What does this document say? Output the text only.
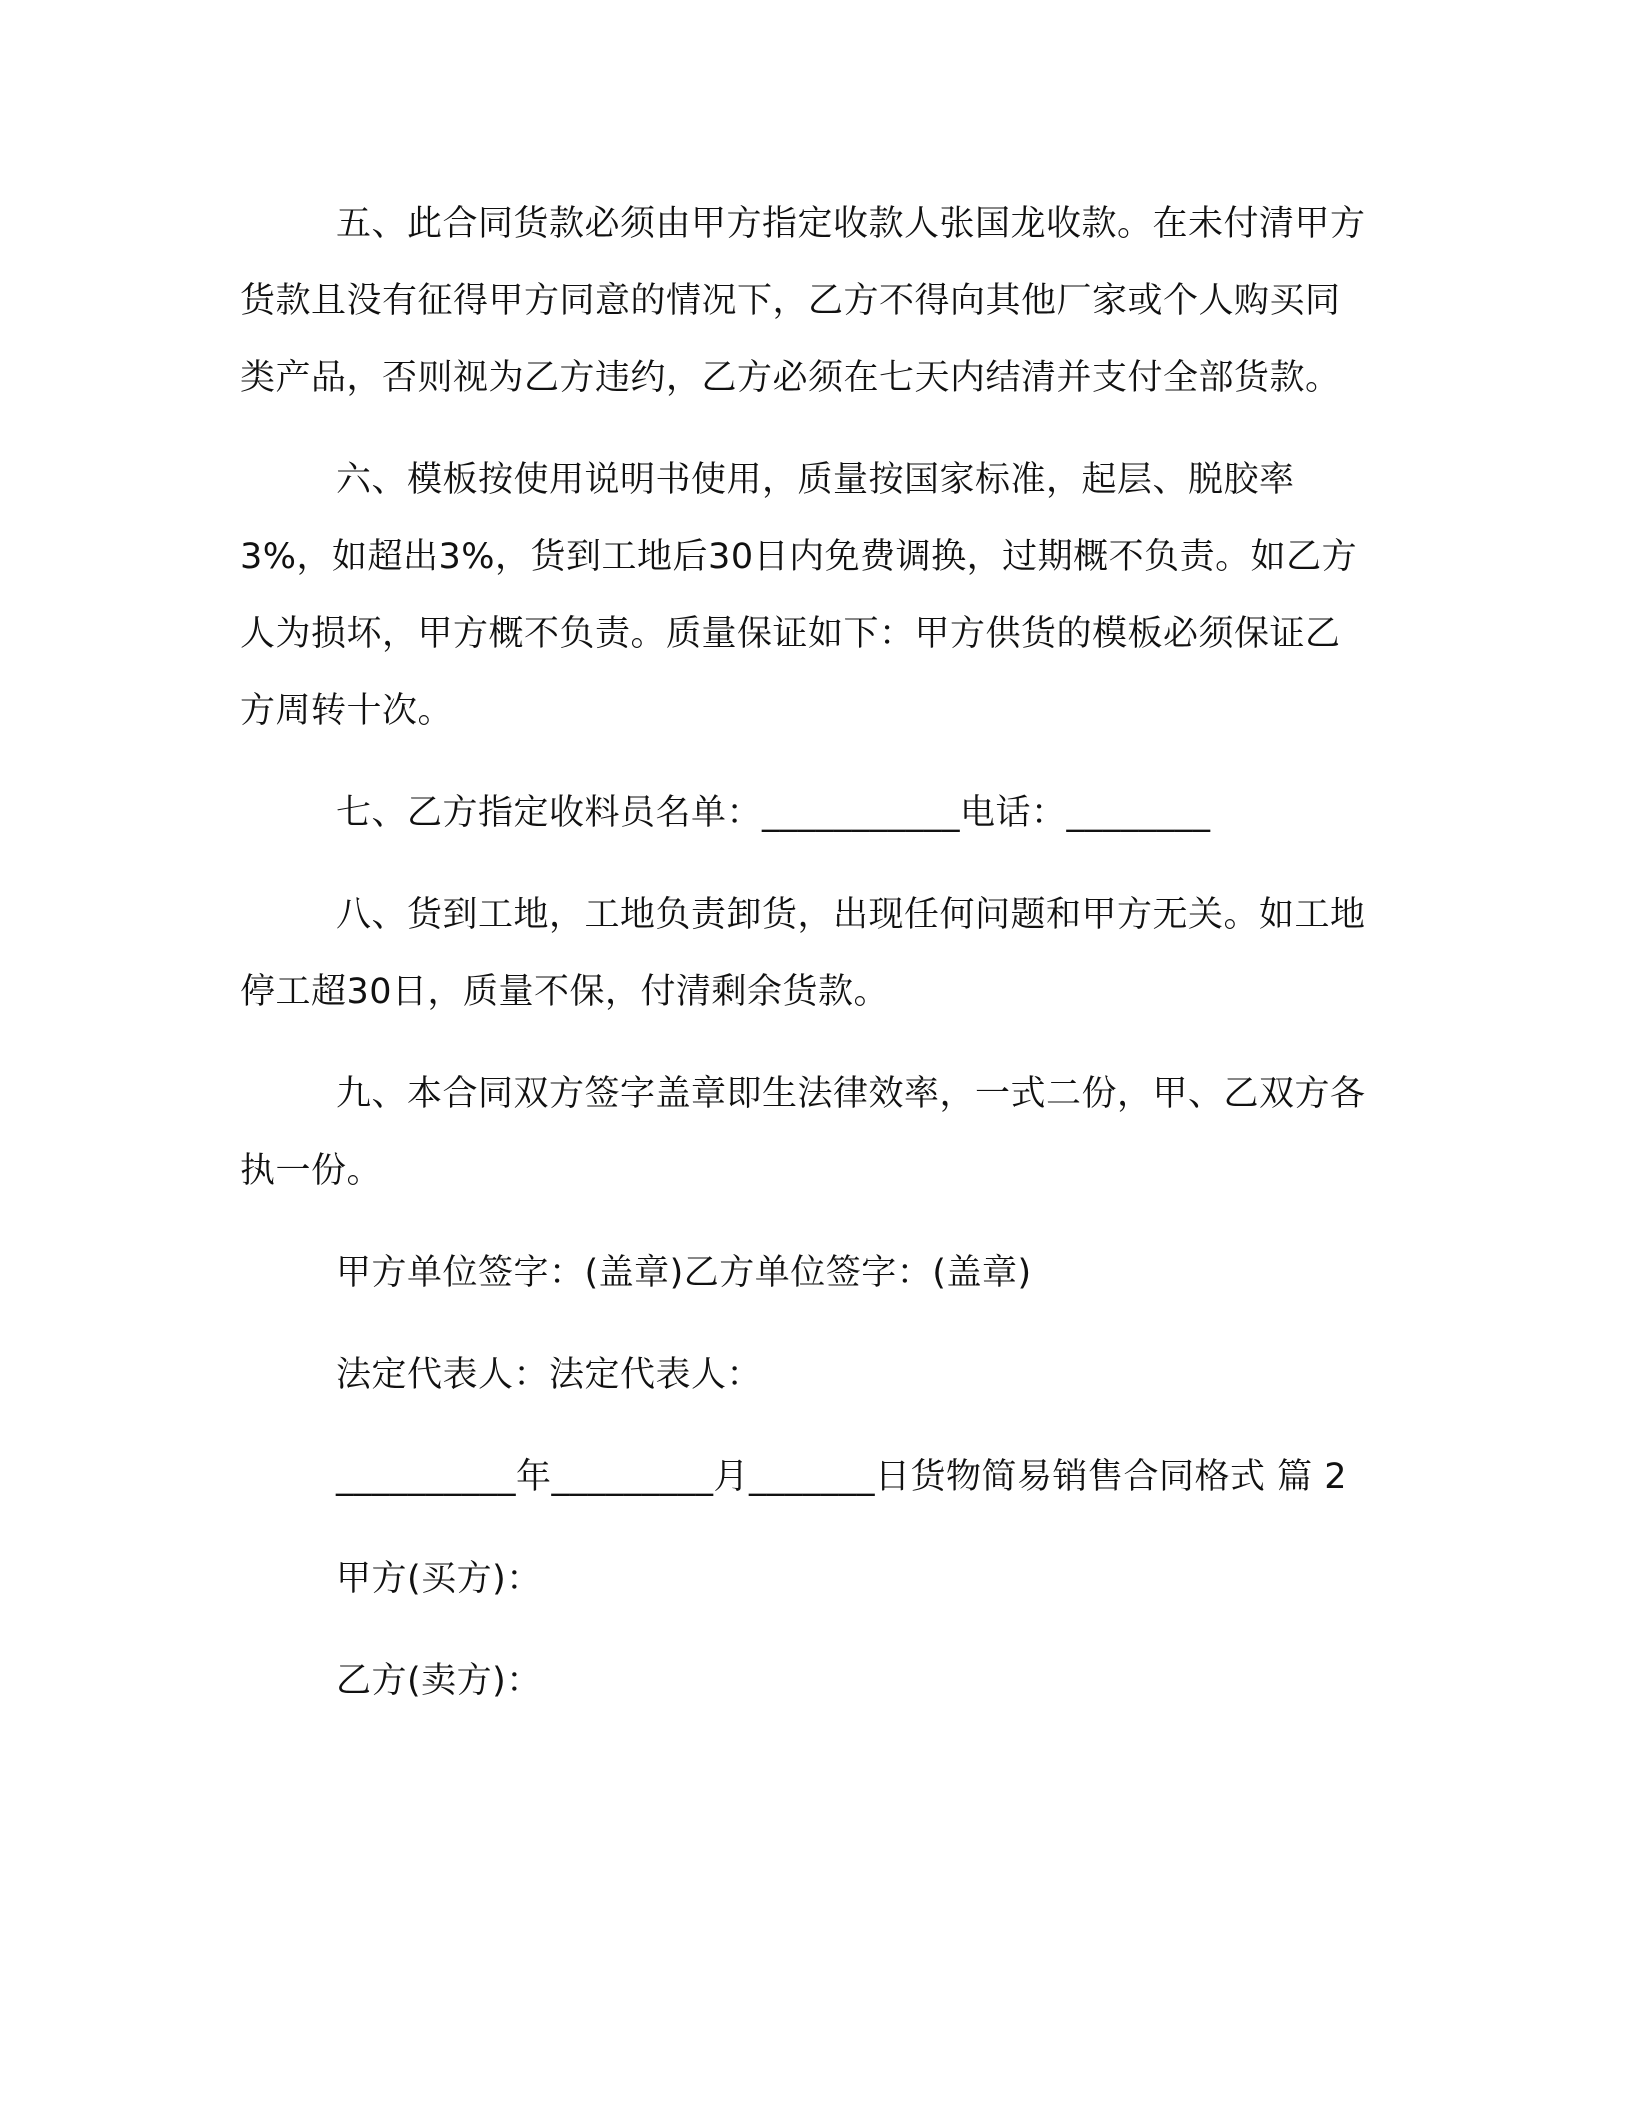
五、此合同货款必须由甲方指定收款人张国龙收款。在未付清甲方货款且没有征得甲方同意的情况下，乙方不得向其他厂家或个人购买同类产品，否则视为乙方违约，乙方必须在七天内结清并支付全部货款。

六、模板按使用说明书使用，质量按国家标准，起层、脱胶率3%，如超出3%，货到工地后30日内免费调换，过期概不负责。如乙方人为损坏，甲方概不负责。质量保证如下：甲方供货的模板必须保证乙方周转十次。

七、乙方指定收料员名单：___________电话：________

八、货到工地，工地负责卸货，出现任何问题和甲方无关。如工地停工超30日，质量不保，付清剩余货款。

九、本合同双方签字盖章即生法律效率，一式二份，甲、乙双方各执一份。

甲方单位签字：(盖章)乙方单位签字：(盖章)

法定代表人：法定代表人：

__________年_________月_______日货物简易销售合同格式 篇 2

甲方(买方)：

乙方(卖方)：
